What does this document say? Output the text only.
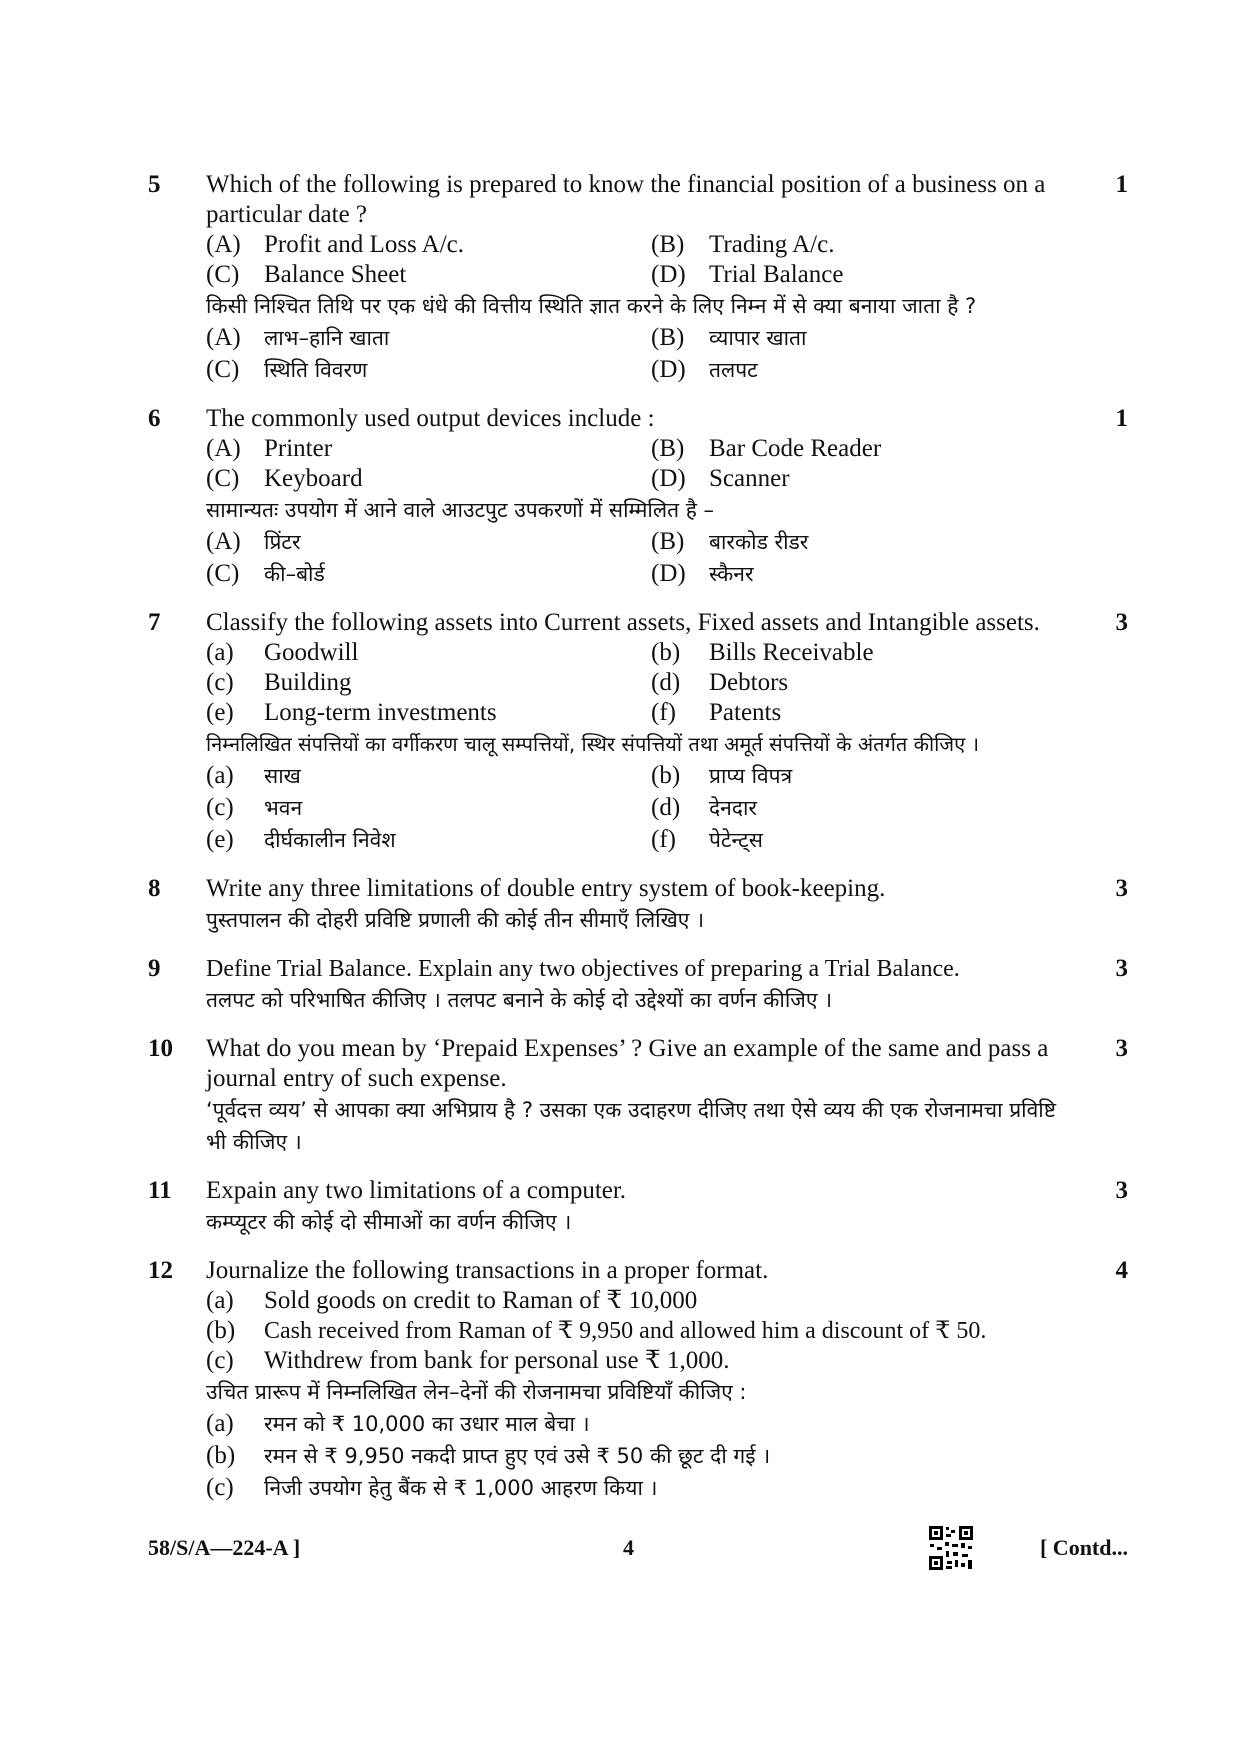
5	1
Which of the following is prepared to know the financial position of a business on a particular date ?
(A) Profit and Loss A/c.	(B) Trading A/c.
(C) Balance Sheet	(D) Trial Balance
किसी निश्चित तिथि पर एक धंधे की वित्तीय स्थिति ज्ञात करने के लिए निम्न में से क्या बनाया जाता है ?
(A)	लाभ–हानि खाता	(B)	व्यापार खाता
(C)	स्थिति विवरण	(D)	तलपट
6	1
The commonly used output devices include :
(A) Printer	(B) Bar Code Reader
(C) Keyboard	(D) Scanner
सामान्यतः उपयोग में आने वाले आउटपुट उपकरणों में सम्मिलित है –
(A)	प्रिंटर	(B)	बारकोड रीडर
(C)	की–बोर्ड	(D)	स्कैनर
7	3
Classify the following assets into Current assets, Fixed assets and Intangible assets.
(a)	Goodwill	(b)	Bills Receivable
(c)	Building	(d)	Debtors
(e)	Long-term investments	(f)	Patents
निम्नलिखित संपत्तियों का वर्गीकरण चालू सम्पत्तियों, स्थिर संपत्तियों तथा अमूर्त संपत्तियों के अंतर्गत कीजिए ।
(a)	साख	(b)	प्राप्य विपत्र
(c)	भवन	(d)	देनदार
(e)	दीर्घकालीन निवेश	(f)	पेटेन्ट्स
8	3
Write any three limitations of double entry system of book-keeping.
पुस्तपालन की दोहरी प्रविष्टि प्रणाली की कोई तीन सीमाएँ लिखिए ।
9	3
Define Trial Balance. Explain any two objectives of preparing a Trial Balance.
तलपट को परिभाषित कीजिए । तलपट बनाने के कोई दो उद्देश्यों का वर्णन कीजिए ।
10	3
What do you mean by ‘Prepaid Expenses’ ? Give an example of the same and pass a journal entry of such expense.
‘पूर्वदत्त व्यय’ से आपका क्या अभिप्राय है ? उसका एक उदाहरण दीजिए तथा ऐसे व्यय की एक रोजनामचा प्रविष्टि भी कीजिए ।
11	3
Expain any two limitations of a computer.
कम्प्यूटर की कोई दो सीमाओं का वर्णन कीजिए ।
12	4
Journalize the following transactions in a proper format.
(a)	Sold goods on credit to Raman of ₹ 10,000
(b)	Cash received from Raman of ₹ 9,950 and allowed him a discount of ₹ 50.
(c)	Withdrew from bank for personal use ₹ 1,000.
उचित प्रारूप में निम्नलिखित लेन–देनों की रोजनामचा प्रविष्टियाँ कीजिए :
(a)	रमन को ₹ 10,000 का उधार माल बेचा ।
(b)	रमन से ₹ 9,950 नकदी प्राप्त हुए एवं उसे ₹ 50 की छूट दी गई ।
(c)	निजी उपयोग हेतु बैंक से ₹ 1,000 आहरण किया ।
58/S/A—224-A ]	4	[ Contd...
